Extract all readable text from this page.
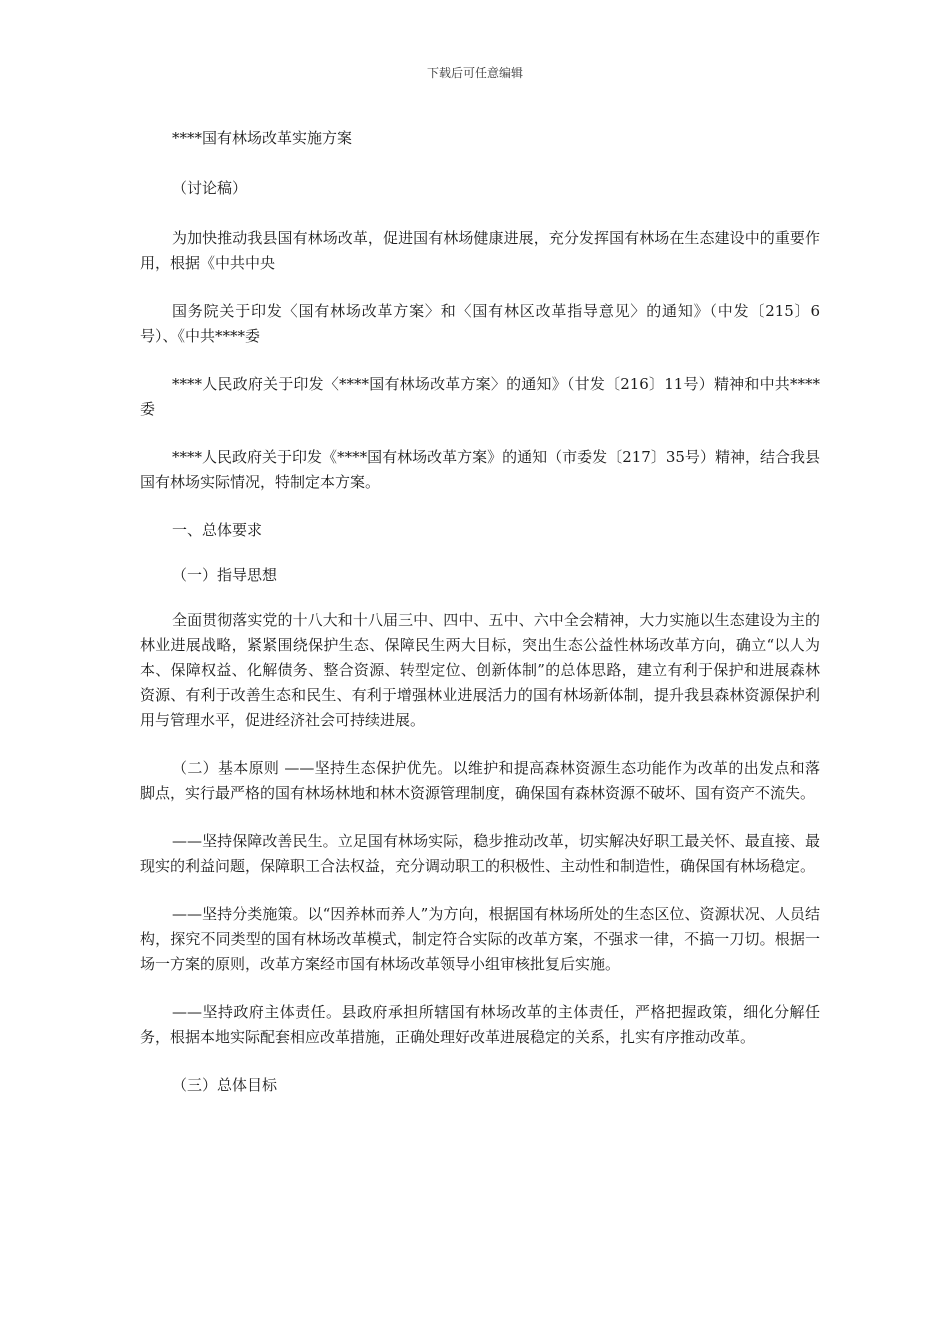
下载后可任意编辑

****国有林场改革实施方案

（讨论稿）

为加快推动我县国有林场改革，促进国有林场健康进展，充分发挥国有林场在生态建设中的重要作用，根据《中共中央

国务院关于印发〈国有林场改革方案〉和〈国有林区改革指导意见〉的通知》（中发〔215〕6号）、《中共****委

****人民政府关于印发〈****国有林场改革方案〉的通知》（甘发〔216〕11号）精神和中共****委

****人民政府关于印发《****国有林场改革方案》的通知（市委发〔217〕35号）精神，结合我县国有林场实际情况，特制定本方案。

一、总体要求

（一）指导思想

全面贯彻落实党的十八大和十八届三中、四中、五中、六中全会精神，大力实施以生态建设为主的林业进展战略，紧紧围绕保护生态、保障民生两大目标，突出生态公益性林场改革方向，确立“以人为本、保障权益、化解债务、整合资源、转型定位、创新体制”的总体思路，建立有利于保护和进展森林资源、有利于改善生态和民生、有利于增强林业进展活力的国有林场新体制，提升我县森林资源保护利用与管理水平，促进经济社会可持续进展。

（二）基本原则 ——坚持生态保护优先。以维护和提高森林资源生态功能作为改革的出发点和落脚点，实行最严格的国有林场林地和林木资源管理制度，确保国有森林资源不破坏、国有资产不流失。

——坚持保障改善民生。立足国有林场实际，稳步推动改革，切实解决好职工最关怀、最直接、最现实的利益问题，保障职工合法权益，充分调动职工的积极性、主动性和制造性，确保国有林场稳定。

——坚持分类施策。以“因养林而养人”为方向，根据国有林场所处的生态区位、资源状况、人员结构，探究不同类型的国有林场改革模式，制定符合实际的改革方案，不强求一律，不搞一刀切。根据一场一方案的原则，改革方案经市国有林场改革领导小组审核批复后实施。

——坚持政府主体责任。县政府承担所辖国有林场改革的主体责任，严格把握政策，细化分解任务，根据本地实际配套相应改革措施，正确处理好改革进展稳定的关系，扎实有序推动改革。

（三）总体目标
